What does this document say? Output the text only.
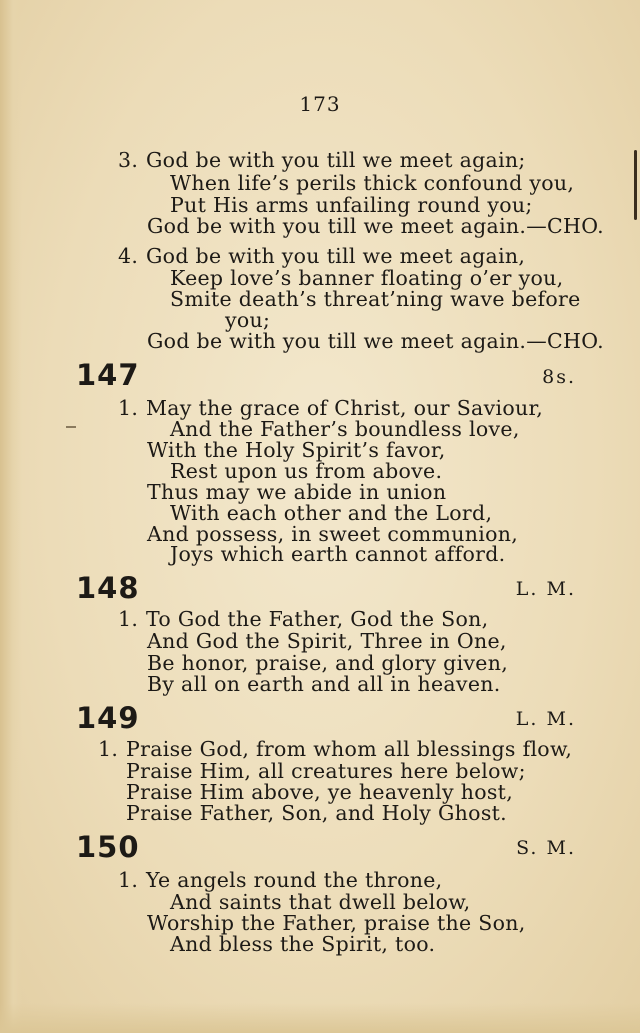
173
3. God be with you till we meet again;
When life’s perils thick confound you,
Put His arms unfailing round you;
God be with you till we meet again.—CHO.
4. God be with you till we meet again,
Keep love’s banner floating o’er you,
Smite death’s threat’ning wave before
you;
God be with you till we meet again.—CHO.
147	8s.
1. May the grace of Christ, our Saviour,
And the Father’s boundless love,
With the Holy Spirit’s favor,
Rest upon us from above.
Thus may we abide in union
With each other and the Lord,
And possess, in sweet communion,
Joys which earth cannot afford.
148	L. M.
1. To God the Father, God the Son,
And God the Spirit, Three in One,
Be honor, praise, and glory given,
By all on earth and all in heaven.
149	L. M.
1. Praise God, from whom all blessings flow,
Praise Him, all creatures here below;
Praise Him above, ye heavenly host,
Praise Father, Son, and Holy Ghost.
150	S. M.
1. Ye angels round the throne,
And saints that dwell below,
Worship the Father, praise the Son,
And bless the Spirit, too.
